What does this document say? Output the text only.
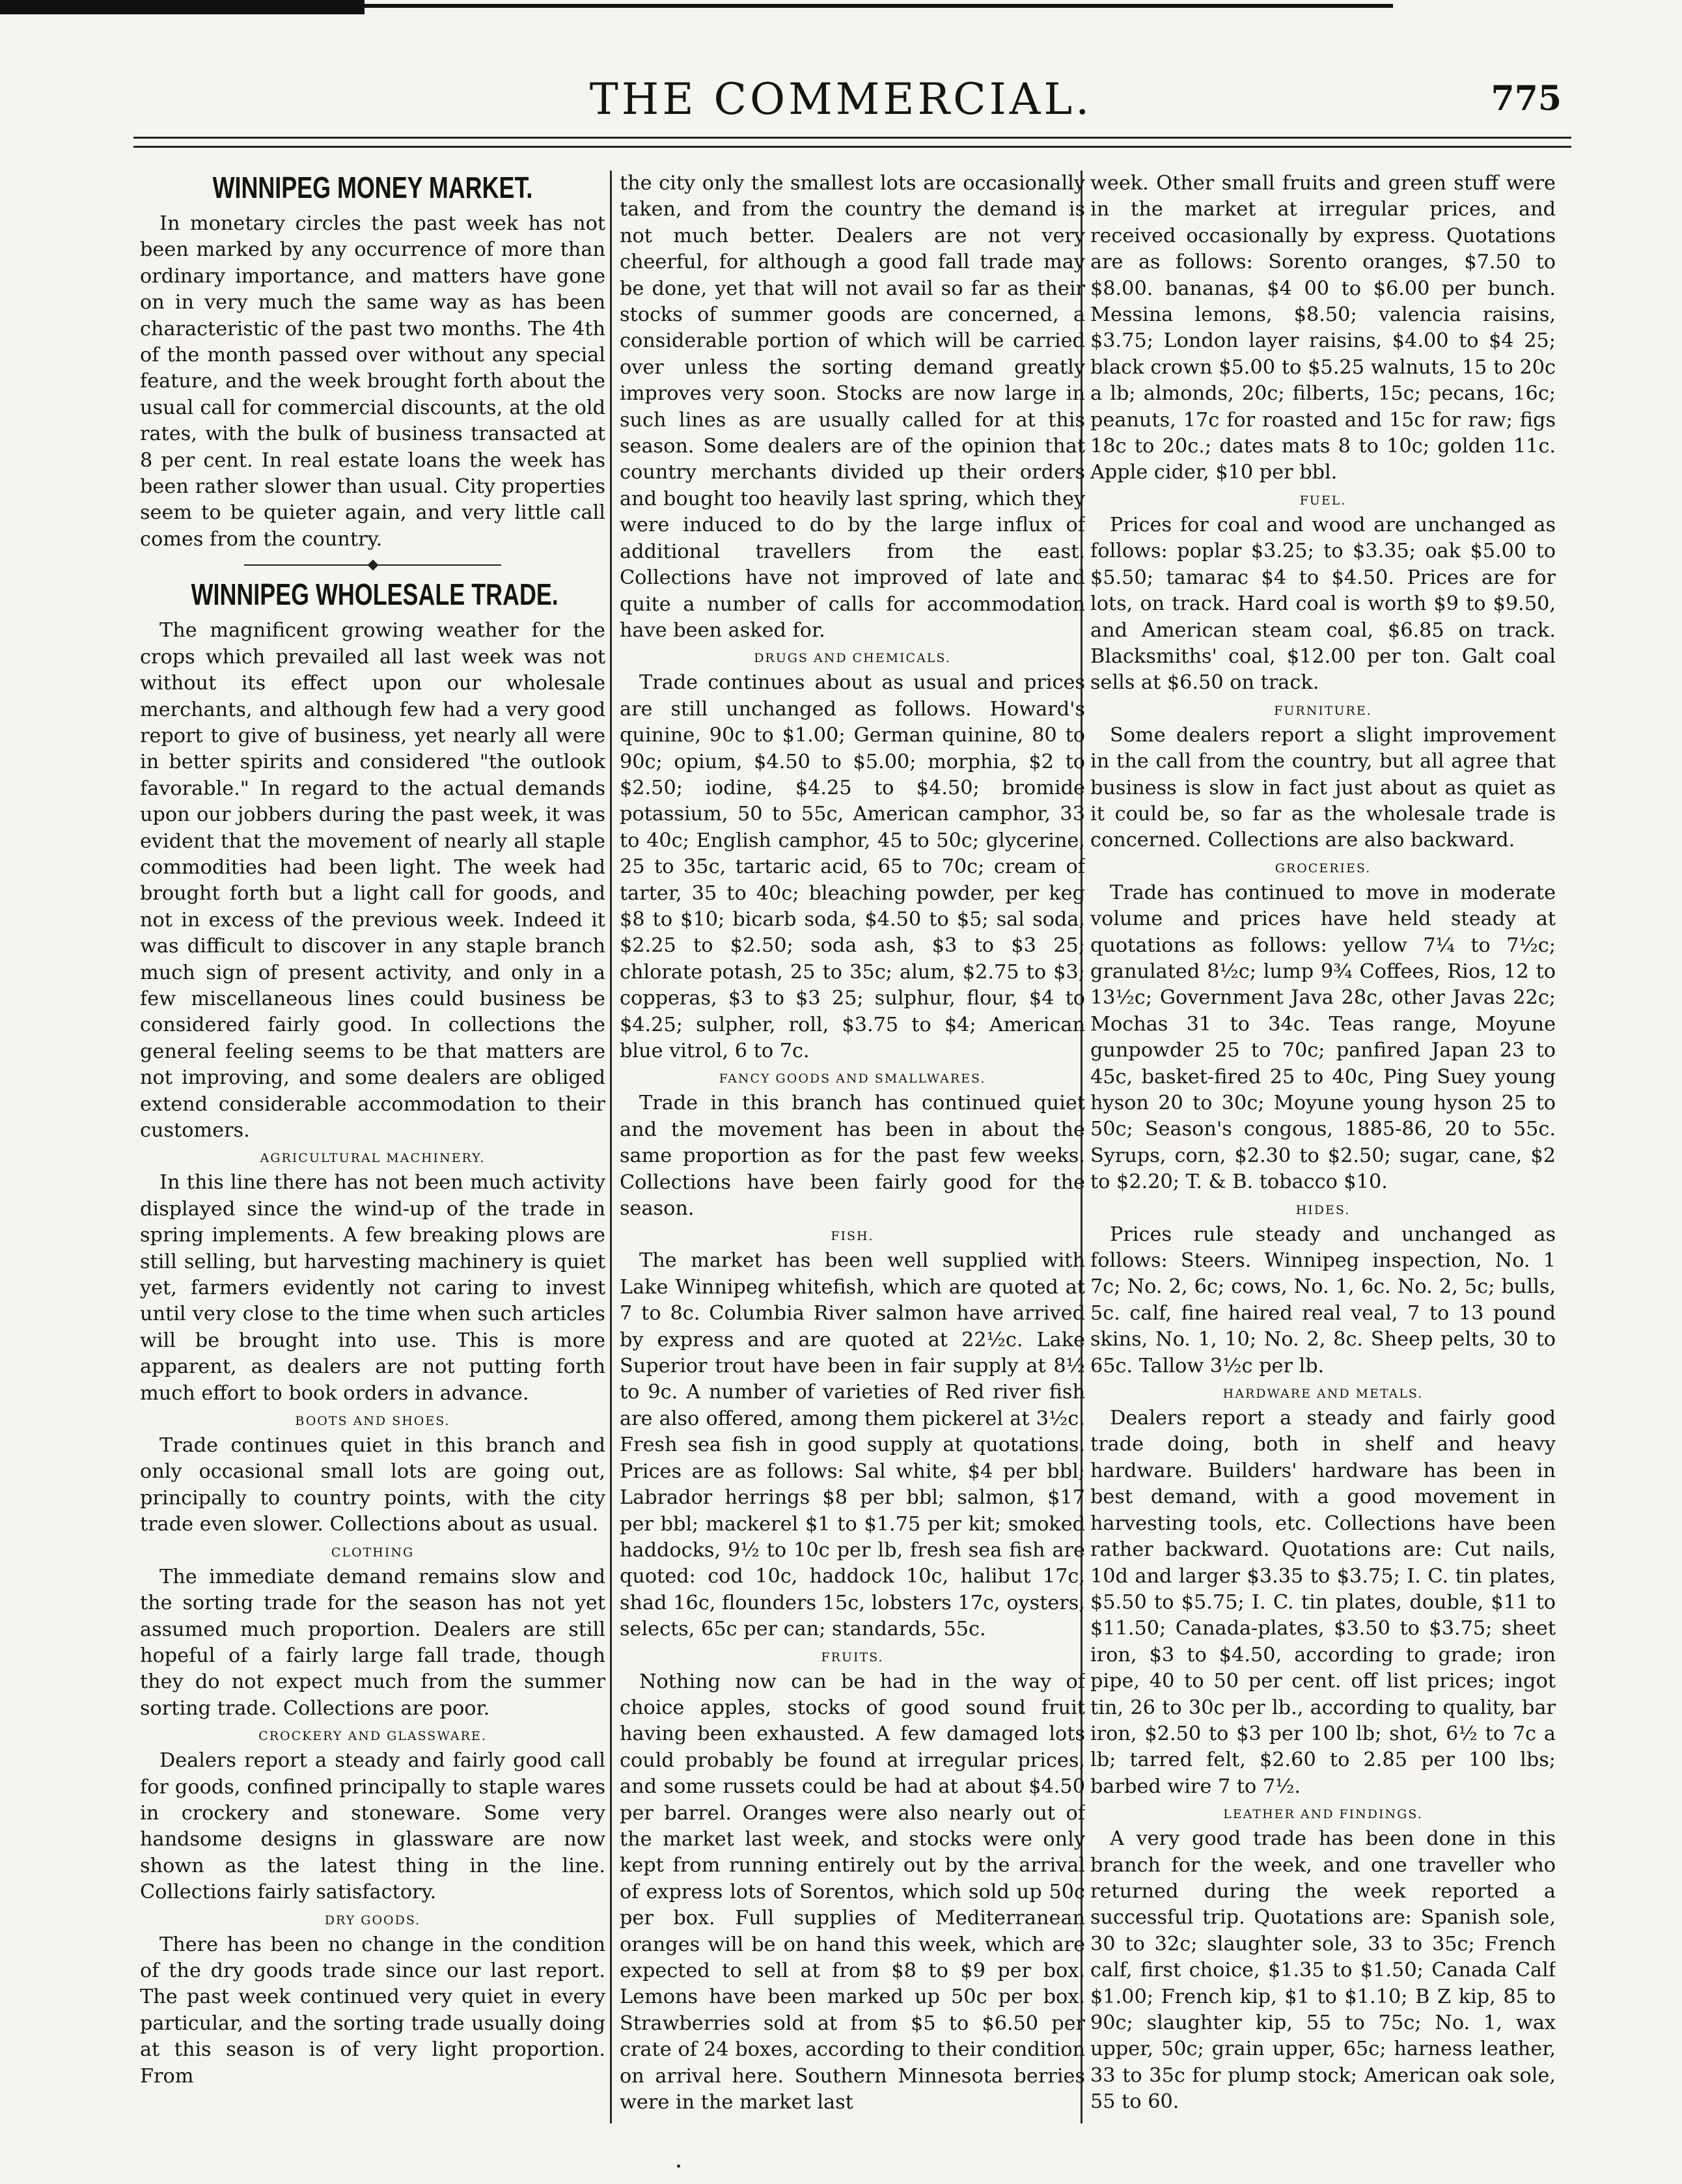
THE COMMERCIAL.	775
WINNIPEG MONEY MARKET.

In monetary circles the past week has not been marked by any occurrence of more than ordinary importance, and matters have gone on in very much the same way as has been characteristic of the past two months. The 4th of the month passed over without any special feature, and the week brought forth about the usual call for commercial discounts, at the old rates, with the bulk of business transacted at 8 per cent. In real estate loans the week has been rather slower than usual. City properties seem to be quieter again, and very little call comes from the country.

WINNIPEG WHOLESALE TRADE.

The magnificent growing weather for the crops which prevailed all last week was not without its effect upon our wholesale merchants, and although few had a very good report to give of business, yet nearly all were in better spirits and considered "the outlook favorable." In regard to the actual demands upon our jobbers during the past week, it was evident that the movement of nearly all staple commodities had been light. The week had brought forth but a light call for goods, and not in excess of the previous week. Indeed it was difficult to discover in any staple branch much sign of present activity, and only in a few miscellaneous lines could business be considered fairly good. In collections the general feeling seems to be that matters are not improving, and some dealers are obliged extend considerable accommodation to their customers.

AGRICULTURAL MACHINERY.

In this line there has not been much activity displayed since the wind-up of the trade in spring implements. A few breaking plows are still selling, but harvesting machinery is quiet yet, farmers evidently not caring to invest until very close to the time when such articles will be brought into use. This is more apparent, as dealers are not putting forth much effort to book orders in advance.

BOOTS AND SHOES.

Trade continues quiet in this branch and only occasional small lots are going out, principally to country points, with the city trade even slower. Collections about as usual.

CLOTHING

The immediate demand remains slow and the sorting trade for the season has not yet assumed much proportion. Dealers are still hopeful of a fairly large fall trade, though they do not expect much from the summer sorting trade. Collections are poor.

CROCKERY AND GLASSWARE.

Dealers report a steady and fairly good call for goods, confined principally to staple wares in crockery and stoneware. Some very handsome designs in glassware are now shown as the latest thing in the line. Collections fairly satisfactory.

DRY GOODS.

There has been no change in the condition of the dry goods trade since our last report. The past week continued very quiet in every particular, and the sorting trade usually doing at this season is of very light proportion. From

the city only the smallest lots are occasionally taken, and from the country the demand is not much better. Dealers are not very cheerful, for although a good fall trade may be done, yet that will not avail so far as their stocks of summer goods are concerned, a considerable portion of which will be carried over unless the sorting demand greatly improves very soon. Stocks are now large in such lines as are usually called for at this season. Some dealers are of the opinion that country merchants divided up their orders and bought too heavily last spring, which they were induced to do by the large influx of additional travellers from the east. Collections have not improved of late and quite a number of calls for accommodation have been asked for.

DRUGS AND CHEMICALS.

Trade continues about as usual and prices are still unchanged as follows. Howard's quinine, 90c to $1.00; German quinine, 80 to 90c; opium, $4.50 to $5.00; morphia, $2 to $2.50; iodine, $4.25 to $4.50; bromide potassium, 50 to 55c, American camphor, 33 to 40c; English camphor, 45 to 50c; glycerine, 25 to 35c, tartaric acid, 65 to 70c; cream of tarter, 35 to 40c; bleaching powder, per keg $8 to $10; bicarb soda, $4.50 to $5; sal soda, $2.25 to $2.50; soda ash, $3 to $3 25; chlorate potash, 25 to 35c; alum, $2.75 to $3; copperas, $3 to $3 25; sulphur, flour, $4 to $4.25; sulpher, roll, $3.75 to $4; American blue vitrol, 6 to 7c.

FANCY GOODS AND SMALLWARES.

Trade in this branch has continued quiet and the movement has been in about the same proportion as for the past few weeks. Collections have been fairly good for the season.

FISH.

The market has been well supplied with Lake Winnipeg whitefish, which are quoted at 7 to 8c. Columbia River salmon have arrived by express and are quoted at 22½c. Lake Superior trout have been in fair supply at 8½ to 9c. A number of varieties of Red river fish are also offered, among them pickerel at 3½c. Fresh sea fish in good supply at quotations. Prices are as follows: Sal white, $4 per bbl; Labrador herrings $8 per bbl; salmon, $17 per bbl; mackerel $1 to $1.75 per kit; smoked haddocks, 9½ to 10c per lb, fresh sea fish are quoted: cod 10c, haddock 10c, halibut 17c, shad 16c, flounders 15c, lobsters 17c, oysters, selects, 65c per can; standards, 55c.

FRUITS.

Nothing now can be had in the way of choice apples, stocks of good sound fruit having been exhausted. A few damaged lots could probably be found at irregular prices, and some russets could be had at about $4.50 per barrel. Oranges were also nearly out of the market last week, and stocks were only kept from running entirely out by the arrival of express lots of Sorentos, which sold up 50c per box. Full supplies of Mediterranean oranges will be on hand this week, which are expected to sell at from $8 to $9 per box. Lemons have been marked up 50c per box. Strawberries sold at from $5 to $6.50 per crate of 24 boxes, according to their condition on arrival here. Southern Minnesota berries were in the market last

week. Other small fruits and green stuff were in the market at irregular prices, and received occasionally by express. Quotations are as follows: Sorento oranges, $7.50 to $8.00. bananas, $4 00 to $6.00 per bunch. Messina lemons, $8.50; valencia raisins, $3.75; London layer raisins, $4.00 to $4 25; black crown $5.00 to $5.25 walnuts, 15 to 20c a lb; almonds, 20c; filberts, 15c; pecans, 16c; peanuts, 17c for roasted and 15c for raw; figs 18c to 20c.; dates mats 8 to 10c; golden 11c. Apple cider, $10 per bbl.

FUEL.

Prices for coal and wood are unchanged as follows: poplar $3.25; to $3.35; oak $5.00 to $5.50; tamarac $4 to $4.50. Prices are for lots, on track. Hard coal is worth $9 to $9.50, and American steam coal, $6.85 on track. Blacksmiths' coal, $12.00 per ton. Galt coal sells at $6.50 on track.

FURNITURE.

Some dealers report a slight improvement in the call from the country, but all agree that business is slow in fact just about as quiet as it could be, so far as the wholesale trade is concerned. Collections are also backward.

GROCERIES.

Trade has continued to move in moderate volume and prices have held steady at quotations as follows: yellow 7¼ to 7½c; granulated 8½c; lump 9¾ Coffees, Rios, 12 to 13½c; Government Java 28c, other Javas 22c; Mochas 31 to 34c. Teas range, Moyune gunpowder 25 to 70c; panfired Japan 23 to 45c, basket-fired 25 to 40c, Ping Suey young hyson 20 to 30c; Moyune young hyson 25 to 50c; Season's congous, 1885-86, 20 to 55c. Syrups, corn, $2.30 to $2.50; sugar, cane, $2 to $2.20; T. & B. tobacco $10.

HIDES.

Prices rule steady and unchanged as follows: Steers. Winnipeg inspection, No. 1 7c; No. 2, 6c; cows, No. 1, 6c. No. 2, 5c; bulls, 5c. calf, fine haired real veal, 7 to 13 pound skins, No. 1, 10; No. 2, 8c. Sheep pelts, 30 to 65c. Tallow 3½c per lb.

HARDWARE AND METALS.

Dealers report a steady and fairly good trade doing, both in shelf and heavy hardware. Builders' hardware has been in best demand, with a good movement in harvesting tools, etc. Collections have been rather backward. Quotations are: Cut nails, 10d and larger $3.35 to $3.75; I. C. tin plates, $5.50 to $5.75; I. C. tin plates, double, $11 to $11.50; Canada-plates, $3.50 to $3.75; sheet iron, $3 to $4.50, according to grade; iron pipe, 40 to 50 per cent. off list prices; ingot tin, 26 to 30c per lb., according to quality, bar iron, $2.50 to $3 per 100 lb; shot, 6½ to 7c a lb; tarred felt, $2.60 to 2.85 per 100 lbs; barbed wire 7 to 7½.

LEATHER AND FINDINGS.

A very good trade has been done in this branch for the week, and one traveller who returned during the week reported a successful trip. Quotations are: Spanish sole, 30 to 32c; slaughter sole, 33 to 35c; French calf, first choice, $1.35 to $1.50; Canada Calf $1.00; French kip, $1 to $1.10; B Z kip, 85 to 90c; slaughter kip, 55 to 75c; No. 1, wax upper, 50c; grain upper, 65c; harness leather, 33 to 35c for plump stock; American oak sole, 55 to 60.
